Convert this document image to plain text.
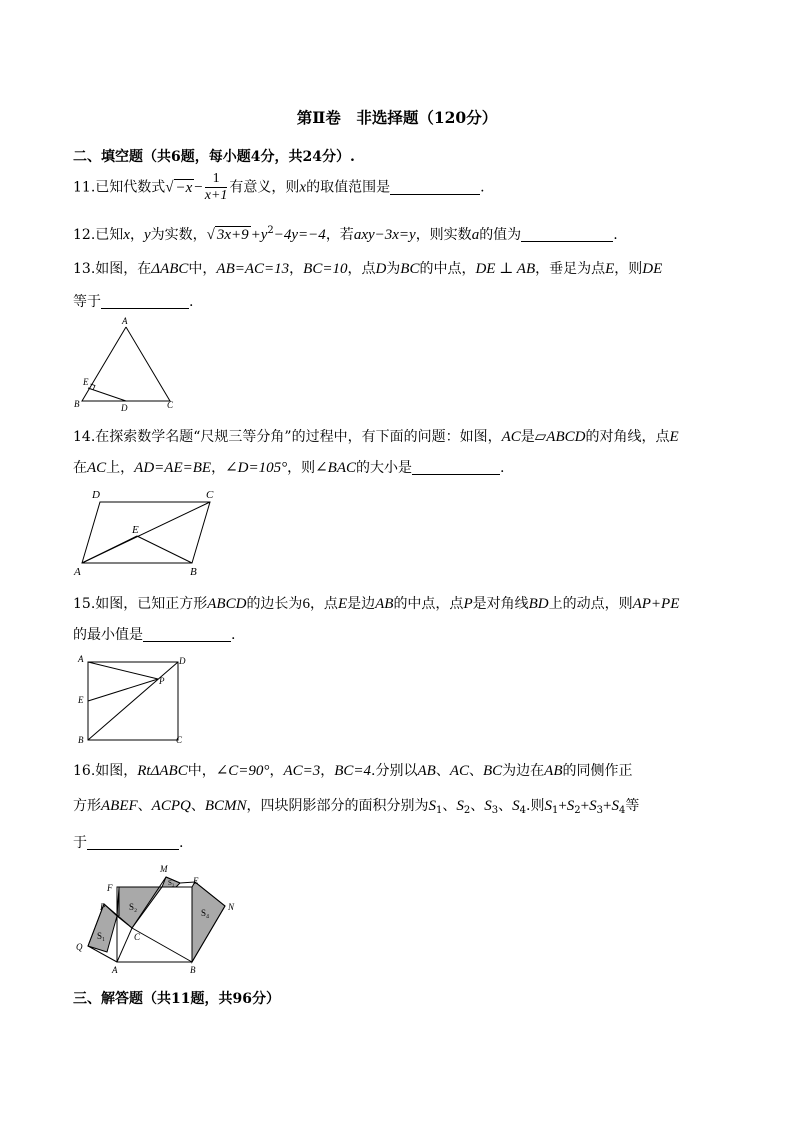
第Ⅱ卷　非选择题（120分）
二、填空题（共6题，每小题4分，共24分）.
11.已知代数式√ $-x - \frac{1}{x+1}$ 有意义，则x的取值范围是	.
12.已知x，y为实数，√ $3x+9 +y^2-4y=-4$，若axy−3x=y，则实数a的值为	.
13.如图，在ΔABC中，AB=AC=13，BC=10，点D为BC的中点，DE ⊥ AB，垂足为点E，则DE
等于	.
A
B	C
D
E
14.在探索数学名题“尺规三等分角”的过程中，有下面的问题：如图，AC是▱ABCD的对角线，点E
在AC上，AD=AE=BE，∠D=105°，则∠BAC的大小是	.
D	C
E
A	B
15.如图，已知正方形ABCD的边长为6，点E是边AB的中点，点P是对角线BD上的动点，则AP+PE
的最小值是	.
A	D
E
P
B	C
16.如图，RtΔABC中，∠C=90°，AC=3，BC=4.分别以AB、AC、BC为边在AB的同侧作正
方形ABEF、ACPQ、BCMN，四块阴影部分的面积分别为$S_1$、$S_2$、$S_3$、$S_4$.则$S_1+S_2+S_3+S_4$等
于	.
F
M
E
N
P
Q
C
A	B
S₁
S₂
S₃
S₄
三、解答题（共11题，共96分）
